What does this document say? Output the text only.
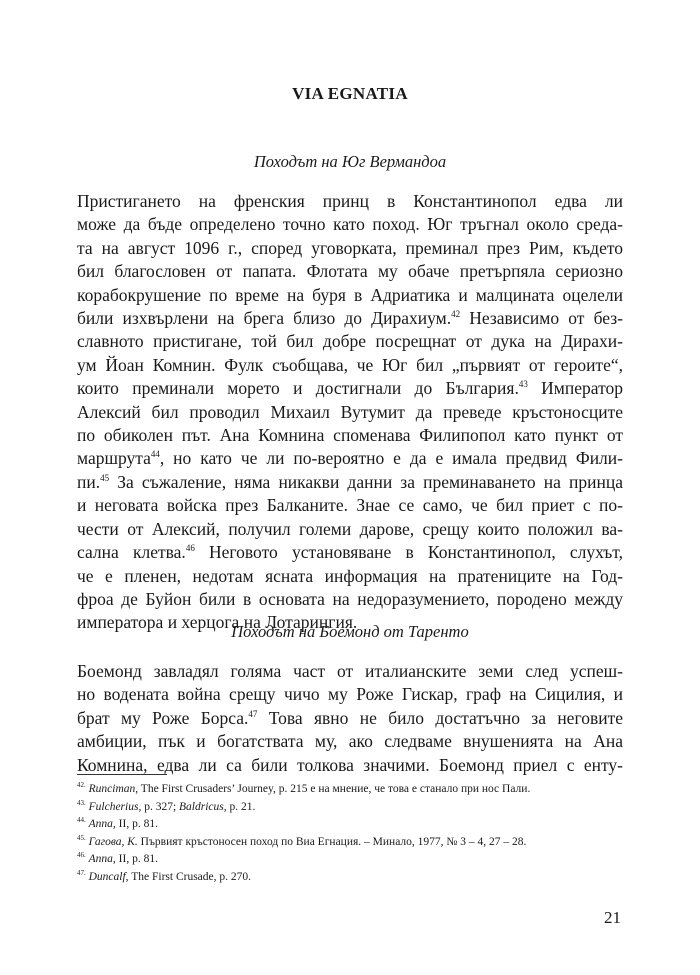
VIA EGNATIA
Походът на Юг Вермандоа
Пристигането на френския принц в Константинопол едва ли
може да бъде определено точно като поход. Юг тръгнал около среда-
та на август 1096 г., според уговорката, преминал през Рим, където
бил благословен от папата. Флотата му обаче претърпяла сериозно
корабокрушение по време на буря в Адриатика и малцината оцелели
били изхвърлени на брега близо до Дирахиум.$^{42}$ Независимо от без-
славното пристигане, той бил добре посрещнат от дука на Дирахи-
ум Йоан Комнин. Фулк съобщава, че Юг бил „първият от героите“,
които преминали морето и достигнали до България.$^{43}$ Император
Алексий бил проводил Михаил Вутумит да преведе кръстоносците
по обиколен път. Ана Комнина споменава Филипопол като пункт от
маршрута$^{44}$, но като че ли по-вероятно е да е имала предвид Фили-
пи.$^{45}$ За съжаление, няма никакви данни за преминаването на принца
и неговата войска през Балканите. Знае се само, че бил приет с по-
чести от Алексий, получил големи дарове, срещу които положил ва-
сална клетва.$^{46}$ Неговото установяване в Константинопол, слухът,
че е пленен, недотам ясната информация на пратениците на Год-
фроа де Буйон били в основата на недоразумението, породено между
императора и херцога на Лотарингия.
Походът на Боемонд от Таренто
Боемонд завладял голяма част от италианските земи след успеш-
но водената война срещу чичо му Роже Гискар, граф на Сицилия, и
брат му Роже Борса.$^{47}$ Това явно не било достатъчно за неговите
амбиции, пък и богатствата му, ако следваме внушенията на Ана
Комнина, едва ли са били толкова значими. Боемонд приел с енту-
$^{42.}$ Runciman, The First Crusaders’ Journey, p. 215 е на мнение, че това е станало при нос Пали.
$^{43.}$ Fulcherius, p. 327; Baldricus, p. 21.
$^{44.}$ Anna, II, p. 81.
$^{45.}$ Гагова, К. Първият кръстоносен поход по Виа Егнация. – Минало, 1977, № 3 – 4, 27 – 28.
$^{46.}$ Anna, II, p. 81.
$^{47.}$ Duncalf, The First Crusade, p. 270.
21
